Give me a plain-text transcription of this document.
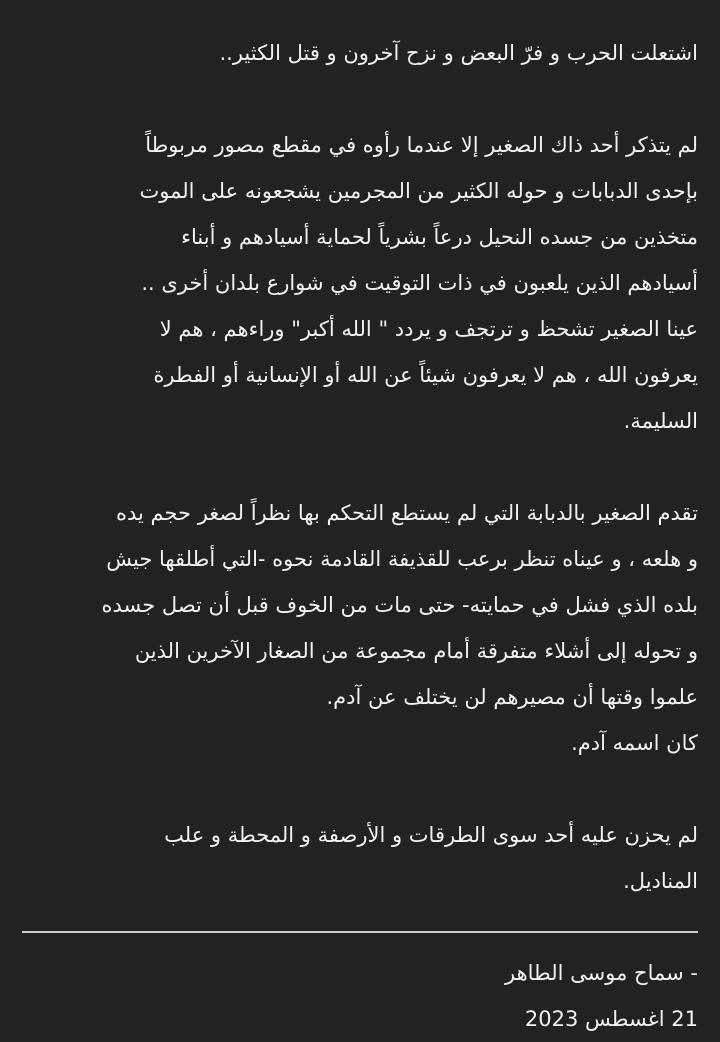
اشتعلت الحرب و فرّ البعض و نزح آخرون و قتل الكثير..

لم يتذكر أحد ذاك الصغير إلا عندما رأوه في مقطع مصور مربوطاً
بإحدى الدبابات و حوله الكثير من المجرمين يشجعونه على الموت
متخذين من جسده النحيل درعاً بشرياً لحماية أسيادهم و أبناء
أسيادهم الذين يلعبون في ذات التوقيت في شوارع بلدان أخرى ..
عينا الصغير تشحظ و ترتجف و يردد " الله أكبر" وراءهم ، هم لا
يعرفون الله ، هم لا يعرفون شيئاً عن الله أو الإنسانية أو الفطرة
السليمة.

تقدم الصغير بالدبابة التي لم يستطع التحكم بها نظراً لصغر حجم يده
و هلعه ، و عيناه تنظر برعب للقذيفة القادمة نحوه -التي أطلقها جيش
بلده الذي فشل في حمايته- حتى مات من الخوف قبل أن تصل جسده
و تحوله إلى أشلاء متفرقة أمام مجموعة من الصغار الآخرين الذين
علموا وقتها أن مصيرهم لن يختلف عن آدم.
كان اسمه آدم.

لم يحزن عليه أحد سوى الطرقات و الأرصفة و المحطة و علب
المناديل.

- سماح موسى الطاهر
21 اغسطس 2023
